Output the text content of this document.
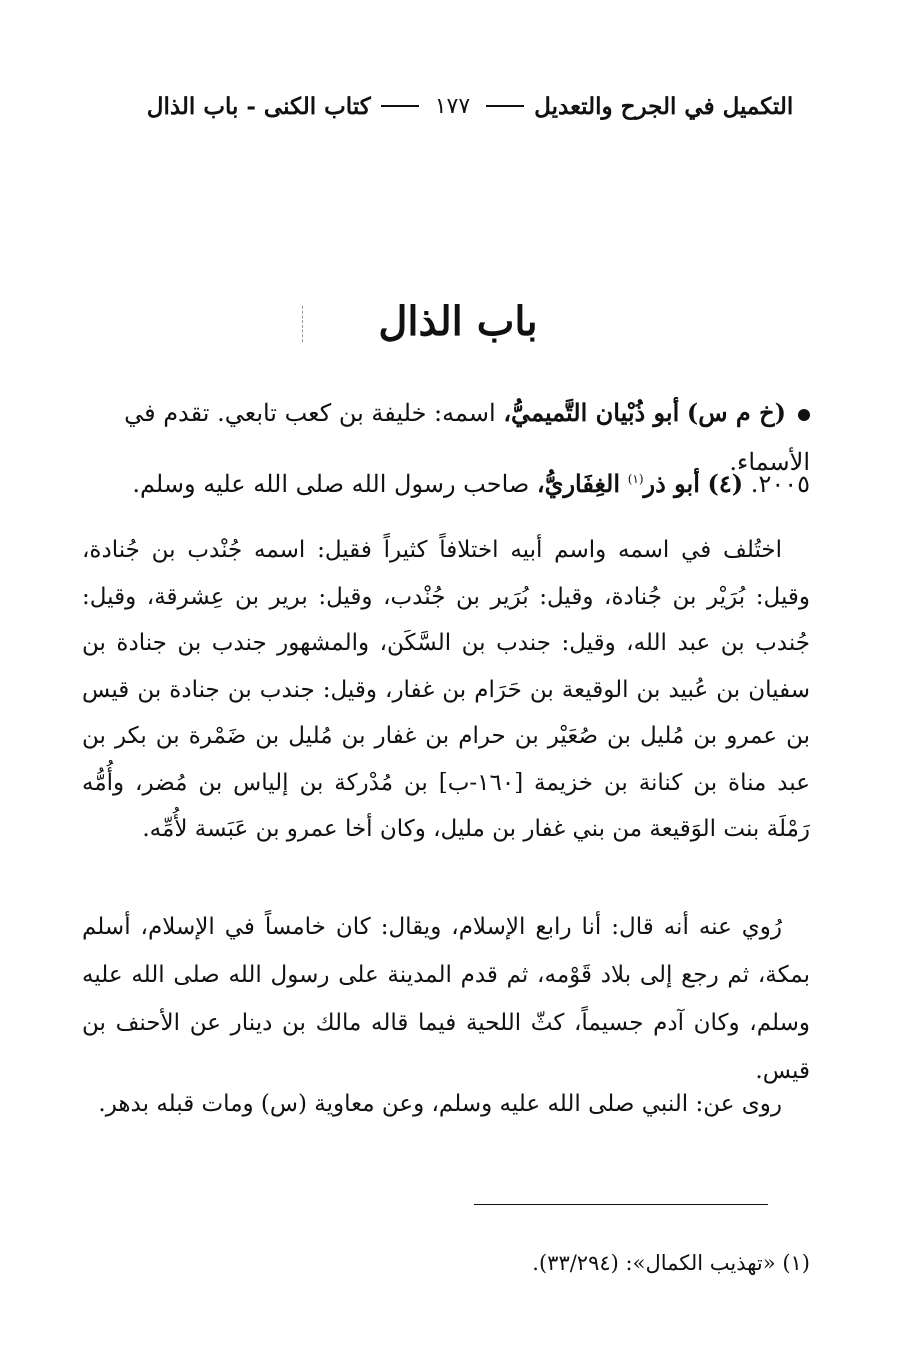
التكميل في الجرح والتعديل
١٧٧
كتاب الكنى - باب الذال
باب الذال

(خ م س) أبو ذُبْيان التَّميميُّ، اسمه: خليفة بن كعب تابعي. تقدم في الأسماء.

٢٠٠٥. (٤) أبو ذر$^{(١)}$ الغِفَاريُّ، صاحب رسول الله صلى الله عليه وسلم.

اختُلف في اسمه واسم أبيه اختلافاً كثيراً فقيل: اسمه جُنْدب بن جُنادة، وقيل: بُرَيْر بن جُنادة، وقيل: بُرَير بن جُنْدب، وقيل: برير بن عِشرقة، وقيل: جُندب بن عبد الله، وقيل: جندب بن السَّكَن، والمشهور جندب بن جنادة بن سفيان بن عُبيد بن الوقيعة بن حَرَام بن غفار، وقيل: جندب بن جنادة بن قيس بن عمرو بن مُليل بن صُعَيْر بن حرام بن غفار بن مُليل بن ضَمْرة بن بكر بن عبد مناة بن كنانة بن خزيمة [١٦٠-ب] بن مُدْركة بن إلياس بن مُضر، وأُمُّه رَمْلَة بنت الوَقيعة من بني غفار بن مليل، وكان أخا عمرو بن عَبَسة لأُمِّه.

رُوي عنه أنه قال: أنا رابع الإسلام، ويقال: كان خامساً في الإسلام، أسلم بمكة، ثم رجع إلى بلاد قَوْمه، ثم قدم المدينة على رسول الله صلى الله عليه وسلم، وكان آدم جسيماً، كثّ اللحية فيما قاله مالك بن دينار عن الأحنف بن قيس.

روى عن: النبي صلى الله عليه وسلم، وعن معاوية (س) ومات قبله بدهر.

(١) «تهذيب الكمال»: (٣٣/٢٩٤).
